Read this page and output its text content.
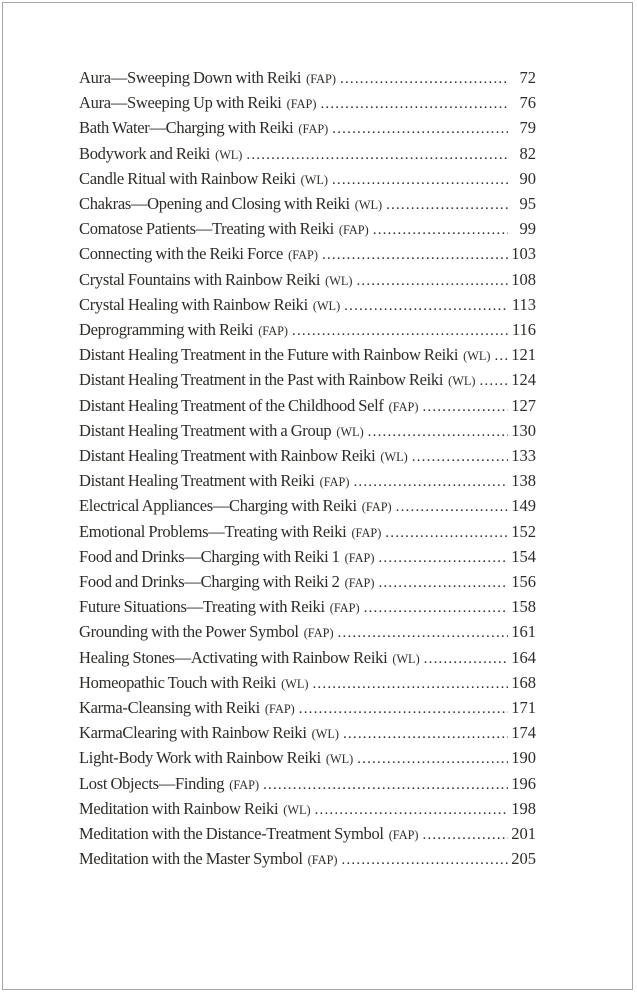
Aura—Sweeping Down with Reiki (FAP) .....	72
Aura—Sweeping Up with Reiki (FAP) .....	76
Bath Water—Charging with Reiki (FAP) .....	79
Bodywork and Reiki (WL) .....	82
Candle Ritual with Rainbow Reiki (WL) .....	90
Chakras—Opening and Closing with Reiki (WL) .....	95
Comatose Patients—Treating with Reiki (FAP) .....	99
Connecting with the Reiki Force (FAP) .....	103
Crystal Fountains with Rainbow Reiki (WL) .....	108
Crystal Healing with Rainbow Reiki (WL) .....	113
Deprogramming with Reiki (FAP) .....	116
Distant Healing Treatment in the Future with Rainbow Reiki (WL) ..... 121
Distant Healing Treatment in the Past with Rainbow Reiki (WL) ..... 124
Distant Healing Treatment of the Childhood Self (FAP) .....	127
Distant Healing Treatment with a Group (WL) .....	130
Distant Healing Treatment with Rainbow Reiki (WL) .....	133
Distant Healing Treatment with Reiki (FAP) .....	138
Electrical Appliances—Charging with Reiki (FAP) .....	149
Emotional Problems—Treating with Reiki (FAP) .....	152
Food and Drinks—Charging with Reiki 1 (FAP) .....	154
Food and Drinks—Charging with Reiki 2 (FAP) .....	156
Future Situations—Treating with Reiki (FAP) .....	158
Grounding with the Power Symbol (FAP) .....	161
Healing Stones—Activating with Rainbow Reiki (WL) .....	164
Homeopathic Touch with Reiki (WL) .....	168
Karma-Cleansing with Reiki (FAP) .....	171
KarmaClearing with Rainbow Reiki (WL) .....	174
Light-Body Work with Rainbow Reiki (WL) .....	190
Lost Objects—Finding (FAP) .....	196
Meditation with Rainbow Reiki (WL) .....	198
Meditation with the Distance-Treatment Symbol (FAP) .....	201
Meditation with the Master Symbol (FAP) .....	205
